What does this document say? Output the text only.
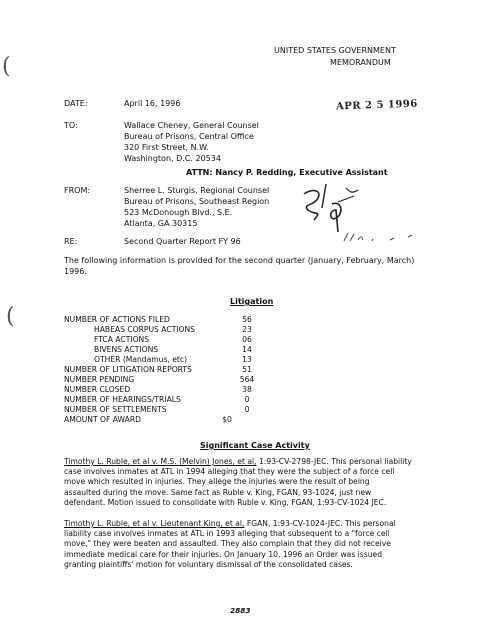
(
(
UNITED STATES GOVERNMENT
MEMORANDUM
APR 2 5 1996
DATE:	April 16, 1996
TO:	Wallace Cheney, General Counsel
Bureau of Prisons, Central Office
320 First Street, N.W.
Washington, D.C. 20534
ATTN: Nancy P. Redding, Executive Assistant
FROM:	Sherree L. Sturgis, Regional Counsel
Bureau of Prisons, Southeast Region
523 McDonough Blvd., S.E.
Atlanta, GA 30315
RE:	Second Quarter Report FY 96
The following information is provided for the second quarter (January, February, March)
1996.
Litigation
NUMBER OF ACTIONS FILED	56
HABEAS CORPUS ACTIONS	23
FTCA ACTIONS	06
BIVENS ACTIONS	14
OTHER (Mandamus, etc)	13
NUMBER OF LITIGATION REPORTS	51
NUMBER PENDING	564
NUMBER CLOSED	38
NUMBER OF HEARINGS/TRIALS	0
NUMBER OF SETTLEMENTS	0
AMOUNT OF AWARD	$0
Significant Case Activity
Timothy L. Ruble, et al v. M.S. (Melvin) Jones, et al, 1:93-CV-2798-JEC. This personal liability
case involves inmates at ATL in 1994 alleging that they were the subject of a force cell
move which resulted in injuries. They allege the injuries were the result of being
assaulted during the move. Same fact as Ruble v. King, FGAN, 93-1024, just new
defendant. Motion issued to consolidate with Ruble v. King, FGAN, 1:93-CV-1024 JEC.
Timothy L. Ruble, et al v. Lieutenant King, et al, FGAN, 1:93-CV-1024-JEC. This personal
liability case involves inmates at ATL in 1993 alleging that subsequent to a "force cell
move," they were beaten and assaulted. They also complain that they did not receive
immediate medical care for their injuries. On January 10, 1996 an Order was issued
granting plaintiffs' motion for voluntary dismissal of the consolidated cases.
2883
